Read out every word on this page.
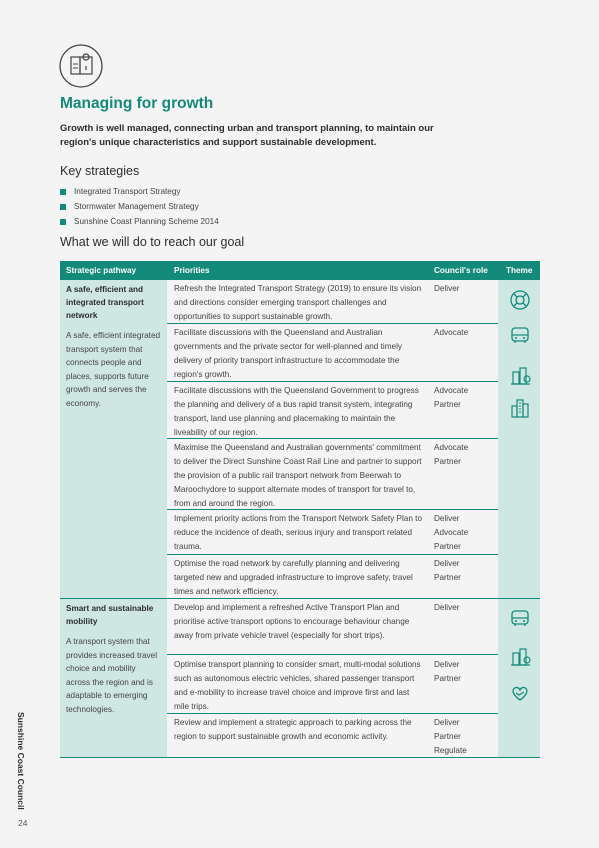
Managing for growth
Growth is well managed, connecting urban and transport planning, to maintain our region's unique characteristics and support sustainable development.
Key strategies
Integrated Transport Strategy
Stormwater Management Strategy
Sunshine Coast Planning Scheme 2014
What we will do to reach our goal
Strategic pathway	Priorities	Council's role Theme
A safe, efficient and integrated transport network
A safe, efficient integrated transport system that connects people and places, supports future growth and serves the economy.
Refresh the Integrated Transport Strategy (2019) to ensure its vision and directions consider emerging transport challenges and opportunities to support sustainable growth.
Deliver
Facilitate discussions with the Queensland and Australian governments and the private sector for well-planned and timely delivery of priority transport infrastructure to accommodate the region's growth.
Advocate
Facilitate discussions with the Queensland Government to progress the planning and delivery of a bus rapid transit system, integrating transport, land use planning and placemaking to maintain the liveability of our region.
Advocate
Partner
Maximise the Queensland and Australian governments' commitment to deliver the Direct Sunshine Coast Rail Line and partner to support the provision of a public rail transport network from Beerwah to Maroochydore to support alternate modes of transport for travel to, from and around the region.
Advocate
Partner
Implement priority actions from the Transport Network Safety Plan to reduce the incidence of death, serious injury and transport related trauma.
Deliver
Advocate
Partner
Optimise the road network by carefully planning and delivering targeted new and upgraded infrastructure to improve safety, travel times and network efficiency.
Deliver
Partner
Smart and sustainable mobility
A transport system that provides increased travel choice and mobility across the region and is adaptable to emerging technologies.
Develop and implement a refreshed Active Transport Plan and prioritise active transport options to encourage behaviour change away from private vehicle travel (especially for short trips).
Deliver
Optimise transport planning to consider smart, multi-modal solutions such as autonomous electric vehicles, shared passenger transport and e-mobility to increase travel choice and improve first and last mile trips.
Deliver
Partner
Review and implement a strategic approach to parking across the region to support sustainable growth and economic activity.
Deliver
Partner
Regulate
Sunshine Coast Council
24
